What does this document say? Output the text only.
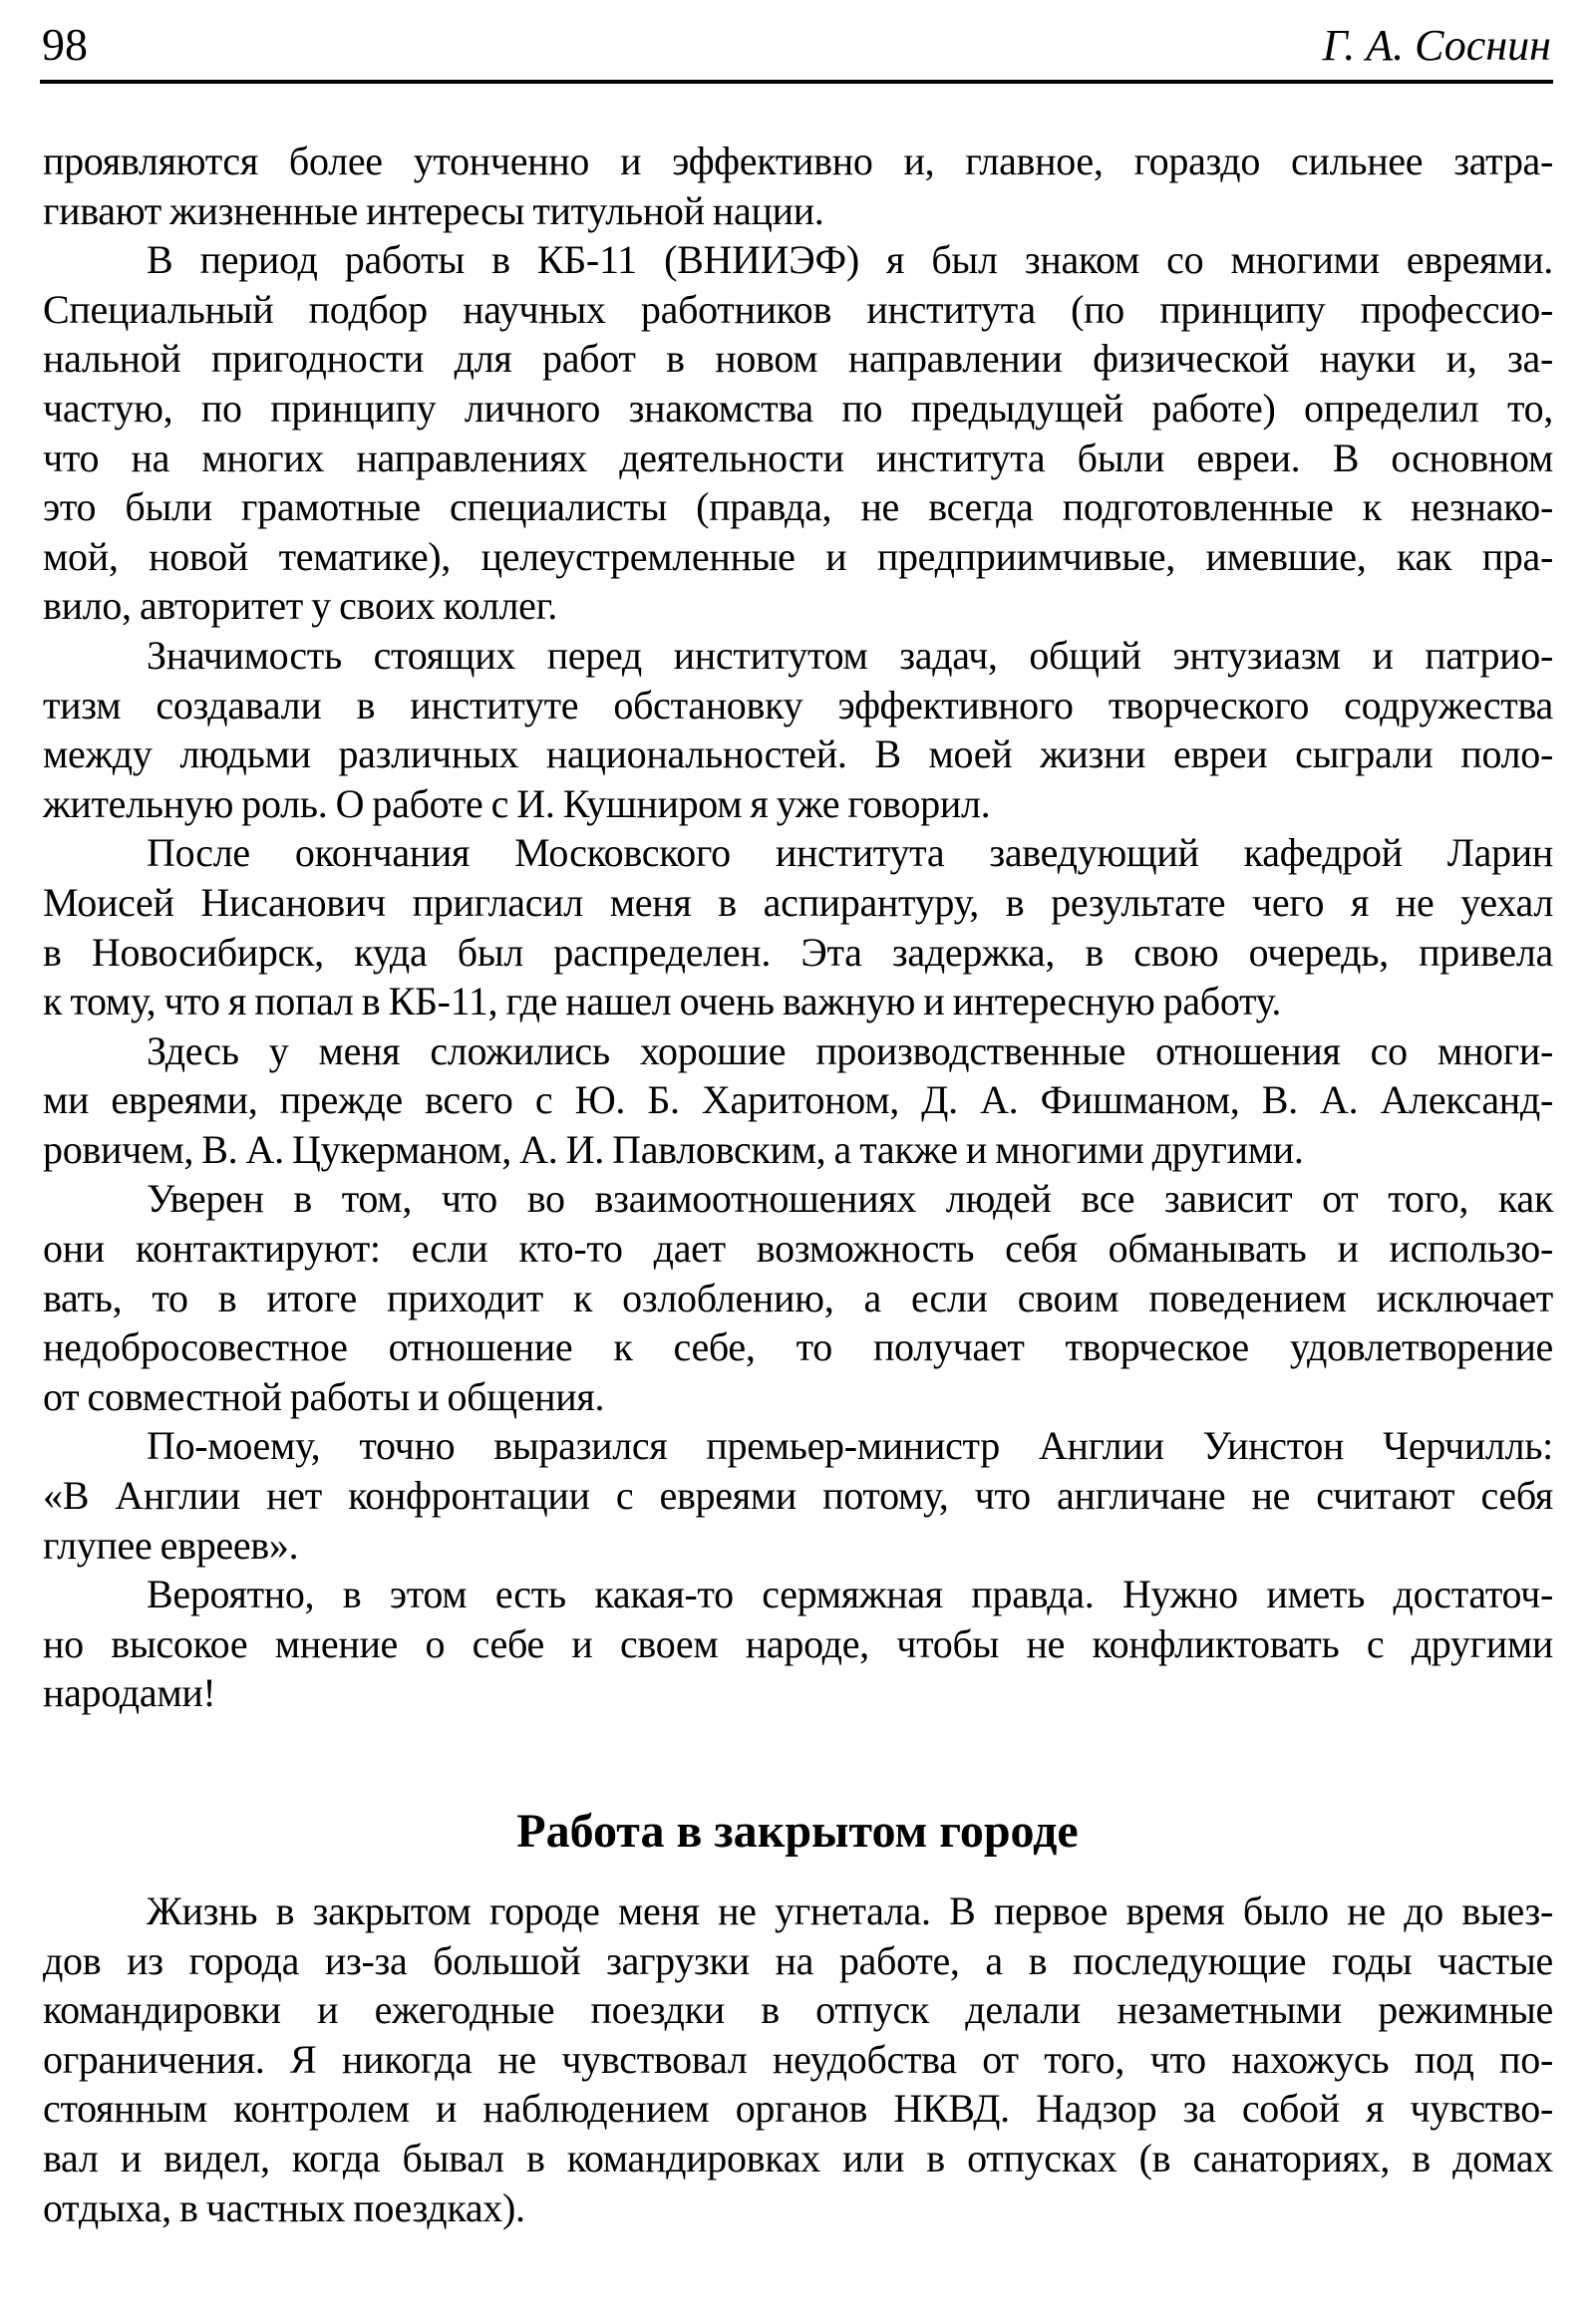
98	Г. А. Соснин
проявляются более утонченно и эффективно и, главное, гораздо сильнее затра-
гивают жизненные интересы титульной нации.
В период работы в КБ-11 (ВНИИЭФ) я был знаком со многими евреями.
Специальный подбор научных работников института (по принципу профессио-
нальной пригодности для работ в новом направлении физической науки и, за-
частую, по принципу личного знакомства по предыдущей работе) определил то,
что на многих направлениях деятельности института были евреи. В основном
это были грамотные специалисты (правда, не всегда подготовленные к незнако-
мой, новой тематике), целеустремленные и предприимчивые, имевшие, как пра-
вило, авторитет у своих коллег.
Значимость стоящих перед институтом задач, общий энтузиазм и патрио-
тизм создавали в институте обстановку эффективного творческого содружества
между людьми различных национальностей. В моей жизни евреи сыграли поло-
жительную роль. О работе с И. Кушниром я уже говорил.
После окончания Московского института заведующий кафедрой Ларин
Моисей Нисанович пригласил меня в аспирантуру, в результате чего я не уехал
в Новосибирск, куда был распределен. Эта задержка, в свою очередь, привела
к тому, что я попал в КБ-11, где нашел очень важную и интересную работу.
Здесь у меня сложились хорошие производственные отношения со многи-
ми евреями, прежде всего с Ю. Б. Харитоном, Д. А. Фишманом, В. А. Александ-
ровичем, В. А. Цукерманом, А. И. Павловским, а также и многими другими.
Уверен в том, что во взаимоотношениях людей все зависит от того, как
они контактируют: если кто-то дает возможность себя обманывать и использо-
вать, то в итоге приходит к озлоблению, а если своим поведением исключает
недобросовестное отношение к себе, то получает творческое удовлетворение
от совместной работы и общения.
По-моему, точно выразился премьер-министр Англии Уинстон Черчилль:
«В Англии нет конфронтации с евреями потому, что англичане не считают себя
глупее евреев».
Вероятно, в этом есть какая-то сермяжная правда. Нужно иметь достаточ-
но высокое мнение о себе и своем народе, чтобы не конфликтовать с другими
народами!
Работа в закрытом городе
Жизнь в закрытом городе меня не угнетала. В первое время было не до выез-
дов из города из-за большой загрузки на работе, а в последующие годы частые
командировки и ежегодные поездки в отпуск делали незаметными режимные
ограничения. Я никогда не чувствовал неудобства от того, что нахожусь под по-
стоянным контролем и наблюдением органов НКВД. Надзор за собой я чувство-
вал и видел, когда бывал в командировках или в отпусках (в санаториях, в домах
отдыха, в частных поездках).
